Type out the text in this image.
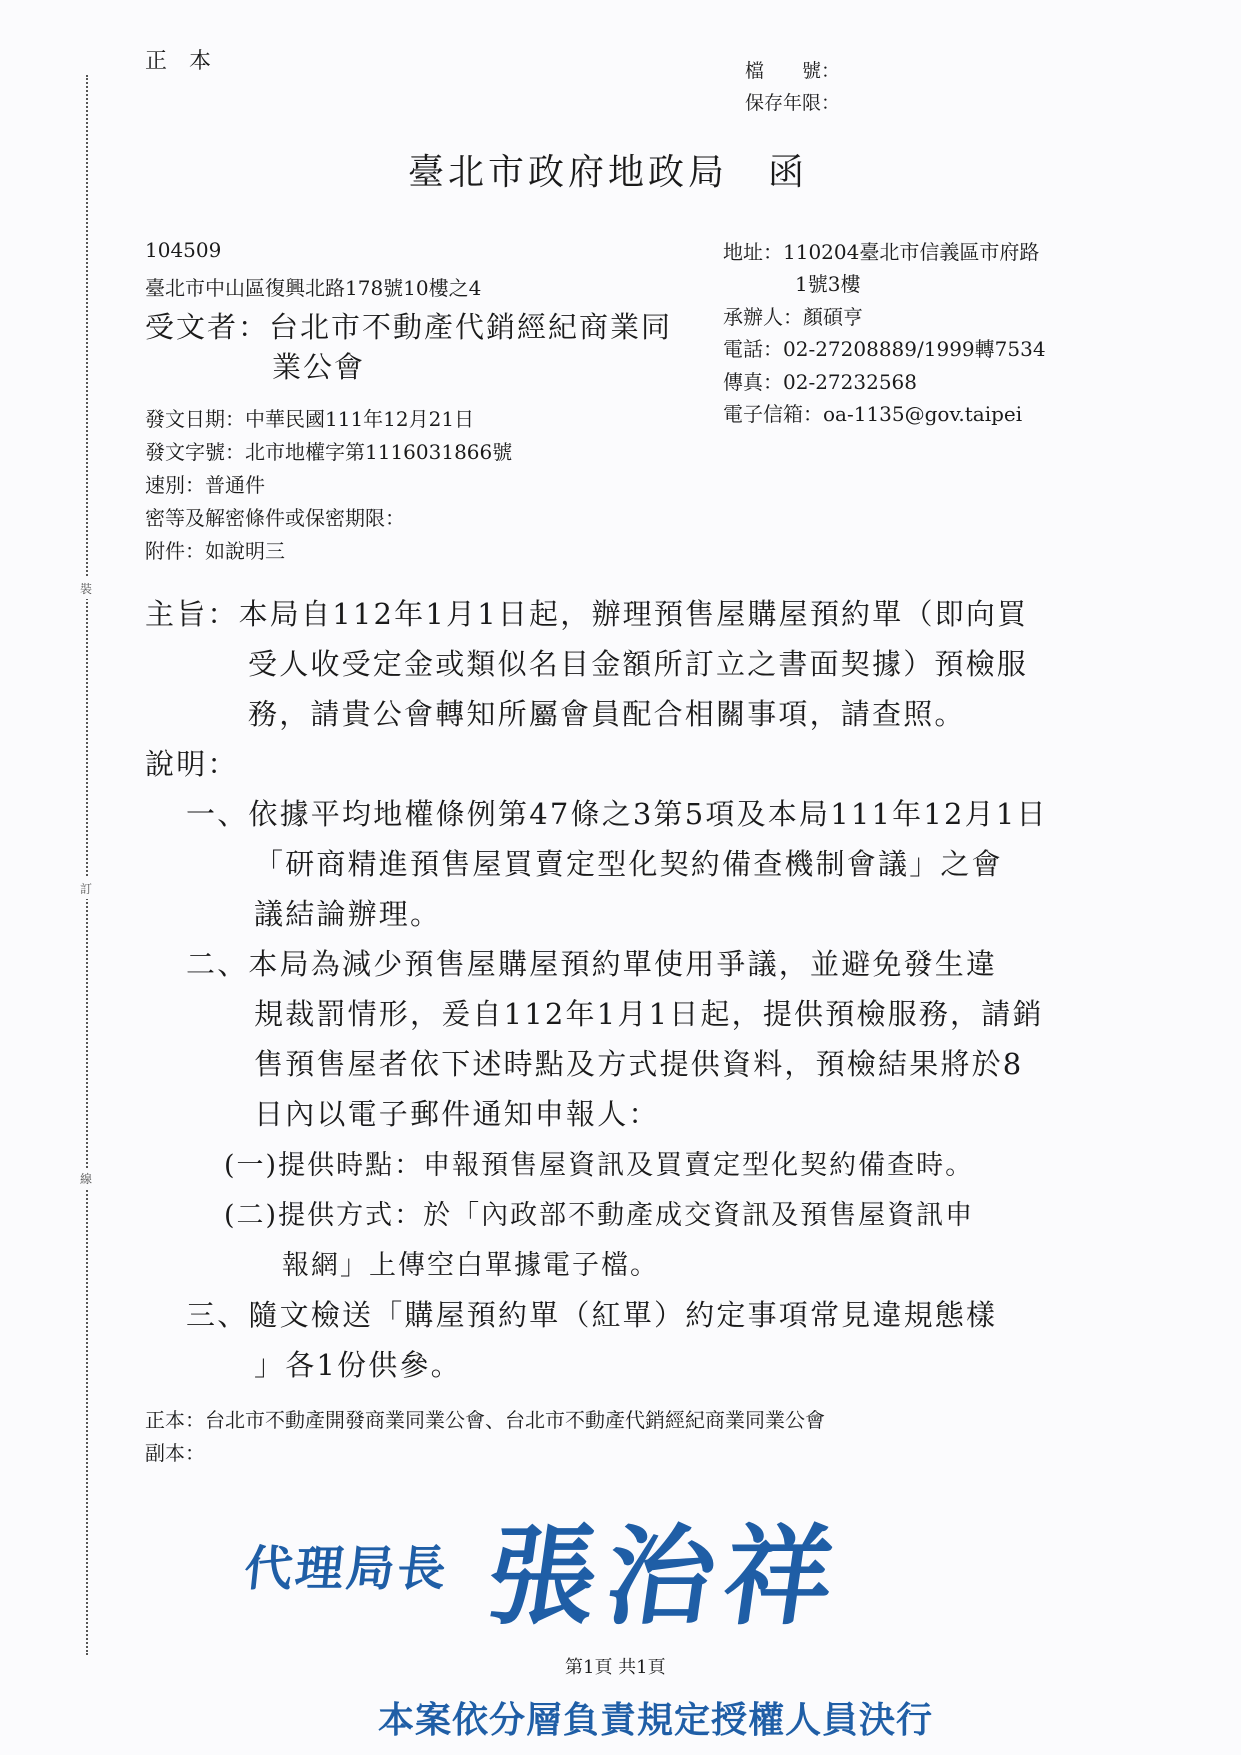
裝
訂
線
正本	檔　　號：
保存年限：
臺北市政府地政局　函
104509
臺北市中山區復興北路178號10樓之4
受文者：台北市不動產代銷經紀商業同
業公會
地址：110204臺北市信義區市府路
1號3樓
承辦人：顏碩亨
電話：02-27208889/1999轉7534
傳真：02-27232568
電子信箱：oa-1135@gov.taipei
發文日期：中華民國111年12月21日
發文字號：北市地權字第1116031866號
速別：普通件
密等及解密條件或保密期限：
附件：如說明三
主旨：本局自112年1月1日起，辦理預售屋購屋預約單（即向買
受人收受定金或類似名目金額所訂立之書面契據）預檢服
務，請貴公會轉知所屬會員配合相關事項，請查照。
說明：
一、依據平均地權條例第47條之3第5項及本局111年12月1日
「研商精進預售屋買賣定型化契約備查機制會議」之會
議結論辦理。
二、本局為減少預售屋購屋預約單使用爭議，並避免發生違
規裁罰情形，爰自112年1月1日起，提供預檢服務，請銷
售預售屋者依下述時點及方式提供資料，預檢結果將於8
日內以電子郵件通知申報人：
(一)提供時點：申報預售屋資訊及買賣定型化契約備查時。
(二)提供方式：於「內政部不動產成交資訊及預售屋資訊申
報網」上傳空白單據電子檔。
三、隨文檢送「購屋預約單（紅單）約定事項常見違規態樣
」各1份供參。
正本：台北市不動產開發商業同業公會、台北市不動產代銷經紀商業同業公會
副本：
代理局長 張治祥
第1頁 共1頁
本案依分層負責規定授權人員決行
